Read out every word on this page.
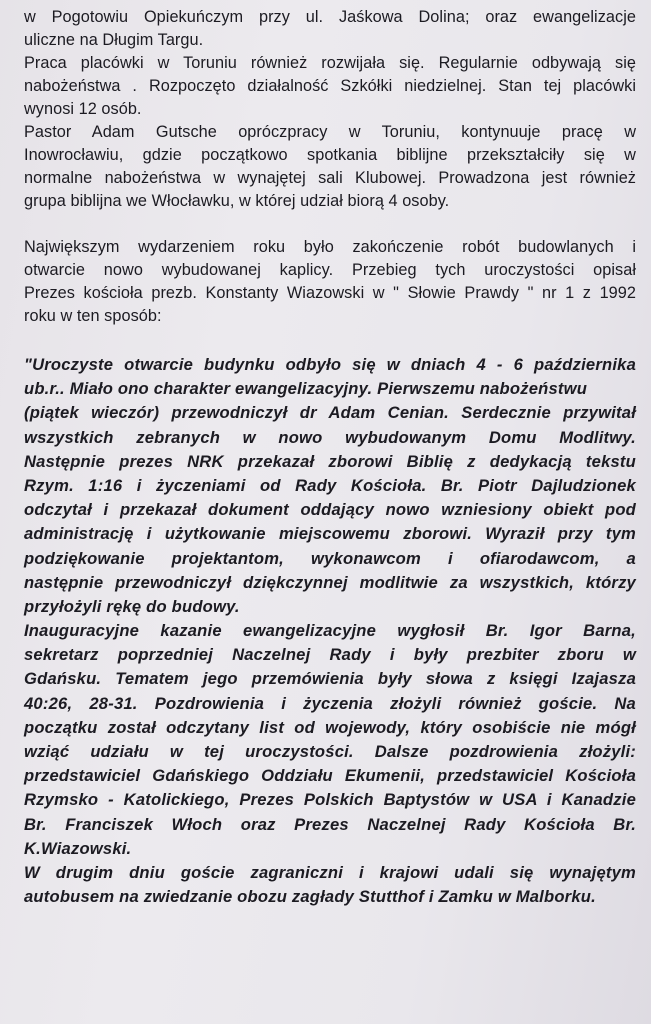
w Pogotowiu Opiekuńczym przy ul. Jaśkowa Dolina; oraz ewangelizacje
uliczne na Długim Targu.
Praca placówki w Toruniu również rozwijała się. Regularnie odbywają się
nabożeństwa . Rozpoczęto działalność Szkółki niedzielnej. Stan tej placówki
wynosi 12 osób.
Pastor Adam Gutsche opróczpracy w Toruniu, kontynuuje pracę w
Inowrocławiu, gdzie początkowo spotkania biblijne przekształciły się w
normalne nabożeństwa w wynajętej sali Klubowej. Prowadzona jest również
grupa biblijna we Włocławku, w której udział biorą 4 osoby.
Największym wydarzeniem roku było zakończenie robót budowlanych i
otwarcie nowo wybudowanej kaplicy. Przebieg tych uroczystości opisał
Prezes kościoła prezb. Konstanty Wiazowski w " Słowie Prawdy " nr 1 z 1992
roku w ten sposób:
"Uroczyste otwarcie budynku odbyło się w dniach 4 - 6 października
ub.r.. Miało ono charakter ewangelizacyjny. Pierwszemu nabożeństwu
(piątek wieczór) przewodniczył dr Adam Cenian. Serdecznie przywitał
wszystkich zebranych w nowo wybudowanym Domu Modlitwy.
Następnie prezes NRK przekazał zborowi Biblię z dedykacją tekstu
Rzym. 1:16 i życzeniami od Rady Kościoła. Br. Piotr Dajludzionek
odczytał i przekazał dokument oddający nowo wzniesiony obiekt pod
administrację i użytkowanie miejscowemu zborowi. Wyraził przy tym
podziękowanie projektantom, wykonawcom i ofiarodawcom, a
następnie przewodniczył dziękczynnej modlitwie za wszystkich, którzy
przyłożyli rękę do budowy.
Inauguracyjne kazanie ewangelizacyjne wygłosił Br. Igor Barna,
sekretarz poprzedniej Naczelnej Rady i były prezbiter zboru w
Gdańsku. Tematem jego przemówienia były słowa z księgi Izajasza
40:26, 28-31. Pozdrowienia i życzenia złożyli również goście. Na
początku został odczytany list od wojewody, który osobiście nie mógł
wziąć udziału w tej uroczystości. Dalsze pozdrowienia złożyli:
przedstawiciel Gdańskiego Oddziału Ekumenii, przedstawiciel Kościoła
Rzymsko - Katolickiego, Prezes Polskich Baptystów w USA i Kanadzie
Br. Franciszek Włoch oraz Prezes Naczelnej Rady Kościoła Br.
K.Wiazowski.
W drugim dniu goście zagraniczni i krajowi udali się wynajętym
autobusem na zwiedzanie obozu zagłady Stutthof i Zamku w Malborku.
